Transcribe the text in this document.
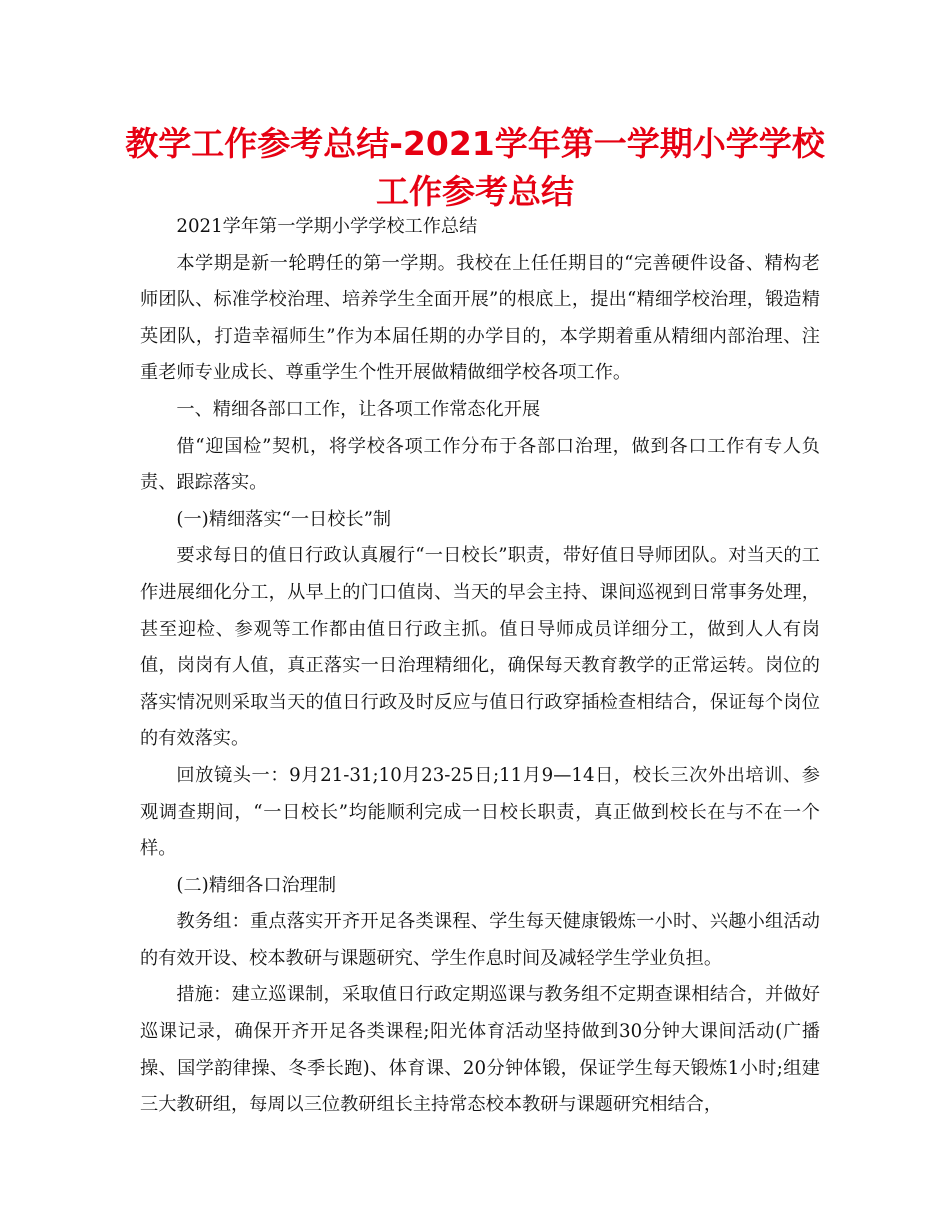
教学工作参考总结-2021学年第一学期小学学校
工作参考总结

2021学年第一学期小学学校工作总结

本学期是新一轮聘任的第一学期。我校在上任任期目的“完善硬件设备、精构老师团队、标准学校治理、培养学生全面开展”的根底上，提出“精细学校治理，锻造精英团队，打造幸福师生”作为本届任期的办学目的，本学期着重从精细内部治理、注重老师专业成长、尊重学生个性开展做精做细学校各项工作。

一、精细各部口工作，让各项工作常态化开展

借“迎国检”契机，将学校各项工作分布于各部口治理，做到各口工作有专人负责、跟踪落实。

(一)精细落实“一日校长”制

要求每日的值日行政认真履行“一日校长”职责，带好值日导师团队。对当天的工作进展细化分工，从早上的门口值岗、当天的早会主持、课间巡视到日常事务处理，甚至迎检、参观等工作都由值日行政主抓。值日导师成员详细分工，做到人人有岗值，岗岗有人值，真正落实一日治理精细化，确保每天教育教学的正常运转。岗位的落实情况则采取当天的值日行政及时反应与值日行政穿插检查相结合，保证每个岗位的有效落实。

回放镜头一：9月21-31;10月23-25日;11月9—14日，校长三次外出培训、参观调查期间，“一日校长”均能顺利完成一日校长职责，真正做到校长在与不在一个样。

(二)精细各口治理制

教务组：重点落实开齐开足各类课程、学生每天健康锻炼一小时、兴趣小组活动的有效开设、校本教研与课题研究、学生作息时间及减轻学生学业负担。

措施：建立巡课制，采取值日行政定期巡课与教务组不定期查课相结合，并做好巡课记录，确保开齐开足各类课程;阳光体育活动坚持做到30分钟大课间活动(广播操、国学韵律操、冬季长跑)、体育课、20分钟体锻，保证学生每天锻炼1小时;组建三大教研组，每周以三位教研组长主持常态校本教研与课题研究相结合，
